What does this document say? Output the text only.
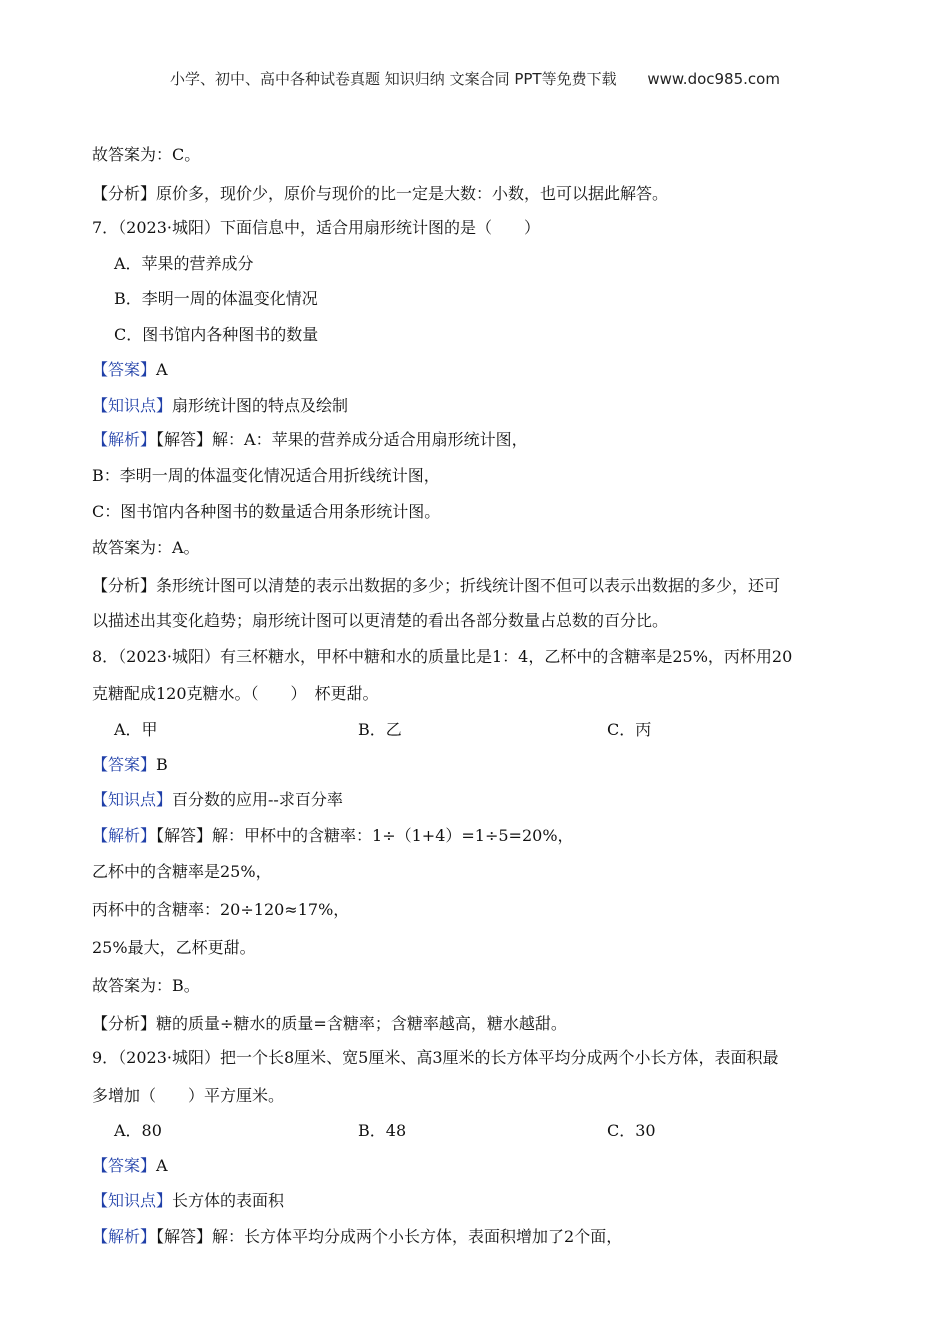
小学、初中、高中各种试卷真题 知识归纳 文案合同 PPT等免费下载 www.doc985.com
故答案为：C。
【分析】原价多，现价少，原价与现价的比一定是大数：小数，也可以据此解答。
7．（2023·城阳）下面信息中，适合用扇形统计图的是（　　）
A．苹果的营养成分
B．李明一周的体温变化情况
C．图书馆内各种图书的数量
【答案】A
【知识点】扇形统计图的特点及绘制
【解析】【解答】解：A：苹果的营养成分适合用扇形统计图，
B：李明一周的体温变化情况适合用折线统计图，
C：图书馆内各种图书的数量适合用条形统计图。
故答案为：A。
【分析】条形统计图可以清楚的表示出数据的多少；折线统计图不但可以表示出数据的多少，还可
以描述出其变化趋势；扇形统计图可以更清楚的看出各部分数量占总数的百分比。
8．（2023·城阳）有三杯糖水，甲杯中糖和水的质量比是1：4，乙杯中的含糖率是25%，丙杯用20
克糖配成120克糖水。（　　）　杯更甜。
A．甲	B．乙	C．丙
【答案】B
【知识点】百分数的应用--求百分率
【解析】【解答】解：甲杯中的含糖率：1÷（1+4）=1÷5=20%，
乙杯中的含糖率是25%，
丙杯中的含糖率：20÷120≈17%，
25%最大，乙杯更甜。
故答案为：B。
【分析】糖的质量÷糖水的质量=含糖率；含糖率越高，糖水越甜。
9．（2023·城阳）把一个长8厘米、宽5厘米、高3厘米的长方体平均分成两个小长方体，表面积最
多增加（　　）平方厘米。
A．80	B．48	C．30
【答案】A
【知识点】长方体的表面积
【解析】【解答】解：长方体平均分成两个小长方体，表面积增加了2个面，
